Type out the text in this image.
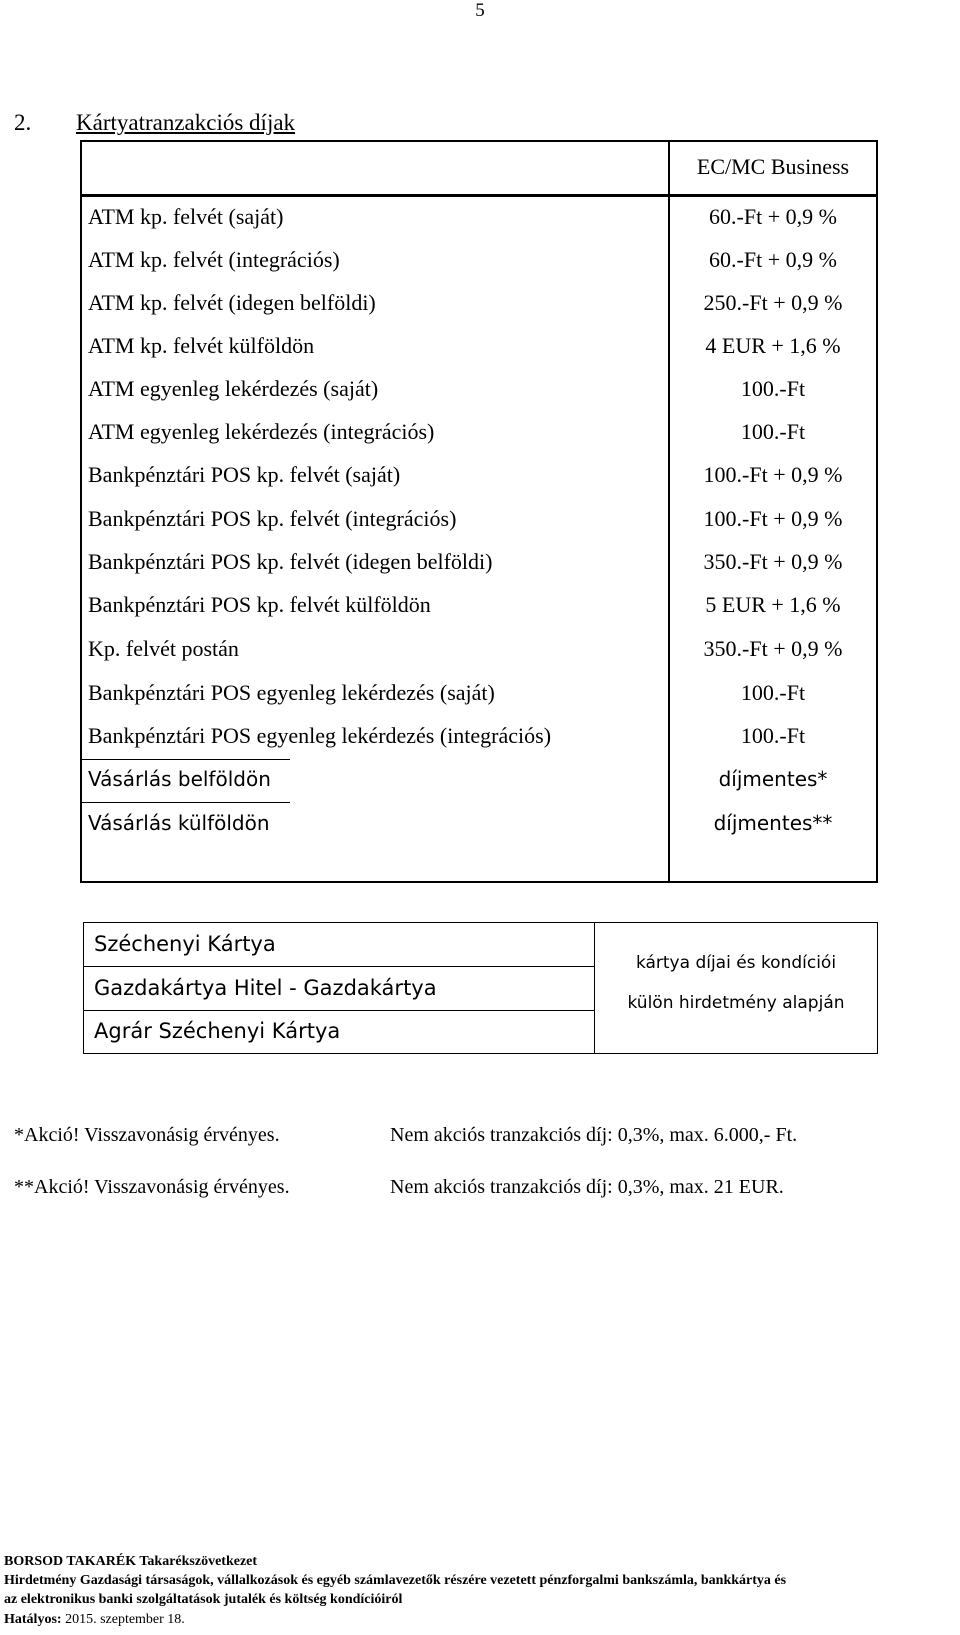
5
2. Kártyatranzakciós díjak
EC/MC Business
ATM kp. felvét (saját)	60.-Ft + 0,9 %
ATM kp. felvét (integrációs)	60.-Ft + 0,9 %
ATM kp. felvét (idegen belföldi)	250.-Ft + 0,9 %
ATM kp. felvét külföldön	4 EUR + 1,6 %
ATM egyenleg lekérdezés (saját)	100.-Ft
ATM egyenleg lekérdezés (integrációs)	100.-Ft
Bankpénztári POS kp. felvét (saját)	100.-Ft + 0,9 %
Bankpénztári POS kp. felvét (integrációs)	100.-Ft + 0,9 %
Bankpénztári POS kp. felvét (idegen belföldi)	350.-Ft + 0,9 %
Bankpénztári POS kp. felvét külföldön	5 EUR + 1,6 %
Kp. felvét postán	350.-Ft + 0,9 %
Bankpénztári POS egyenleg lekérdezés (saját)	100.-Ft
Bankpénztári POS egyenleg lekérdezés (integrációs)	100.-Ft
Vásárlás belföldön	díjmentes*
Vásárlás külföldön	díjmentes**
Széchenyi Kártya
Gazdakártya Hitel - Gazdakártya
Agrár Széchenyi Kártya
kártya díjai és kondíciói
külön hirdetmény alapján
*Akció! Visszavonásig érvényes.	Nem akciós tranzakciós díj: 0,3%, max. 6.000,- Ft.
**Akció! Visszavonásig érvényes.	Nem akciós tranzakciós díj: 0,3%, max. 21 EUR.
BORSOD TAKARÉK Takarékszövetkezet
Hirdetmény Gazdasági társaságok, vállalkozások és egyéb számlavezetők részére vezetett pénzforgalmi bankszámla, bankkártya és
az elektronikus banki szolgáltatások jutalék és költség kondícióiról
Hatályos: 2015. szeptember 18.
